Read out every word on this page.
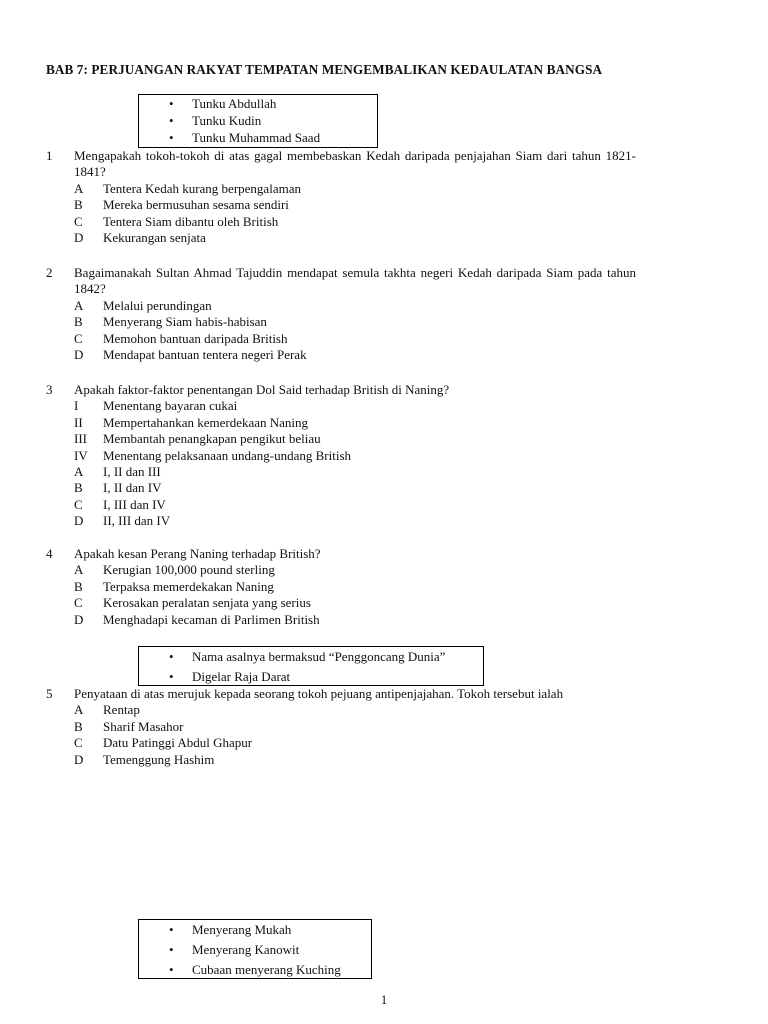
BAB 7: PERJUANGAN RAKYAT TEMPATAN MENGEMBALIKAN KEDAULATAN BANGSA
• Tunku Abdullah
• Tunku Kudin
• Tunku Muhammad Saad
1 Mengapakah tokoh-tokoh di atas gagal membebaskan Kedah daripada penjajahan Siam dari tahun 1821-1841?
A Tentera Kedah kurang berpengalaman
B Mereka bermusuhan sesama sendiri
C Tentera Siam dibantu oleh British
D Kekurangan senjata
2 Bagaimanakah Sultan Ahmad Tajuddin mendapat semula takhta negeri Kedah daripada Siam pada tahun 1842?
A Melalui perundingan
B Menyerang Siam habis-habisan
C Memohon bantuan daripada British
D Mendapat bantuan tentera negeri Perak
3 Apakah faktor-faktor penentangan Dol Said terhadap British di Naning?
I Menentang bayaran cukai
II Mempertahankan kemerdekaan Naning
III Membantah penangkapan pengikut beliau
IV Menentang pelaksanaan undang-undang British
A I, II dan III
B I, II dan IV
C I, III dan IV
D II, III dan IV
4 Apakah kesan Perang Naning terhadap British?
A Kerugian 100,000 pound sterling
B Terpaksa memerdekakan Naning
C Kerosakan peralatan senjata yang serius
D Menghadapi kecaman di Parlimen British
• Nama asalnya bermaksud “Penggoncang Dunia”
• Digelar Raja Darat
5 Penyataan di atas merujuk kepada seorang tokoh pejuang antipenjajahan. Tokoh tersebut ialah
A Rentap
B Sharif Masahor
C Datu Patinggi Abdul Ghapur
D Temenggung Hashim
• Menyerang Mukah
• Menyerang Kanowit
• Cubaan menyerang Kuching
1
